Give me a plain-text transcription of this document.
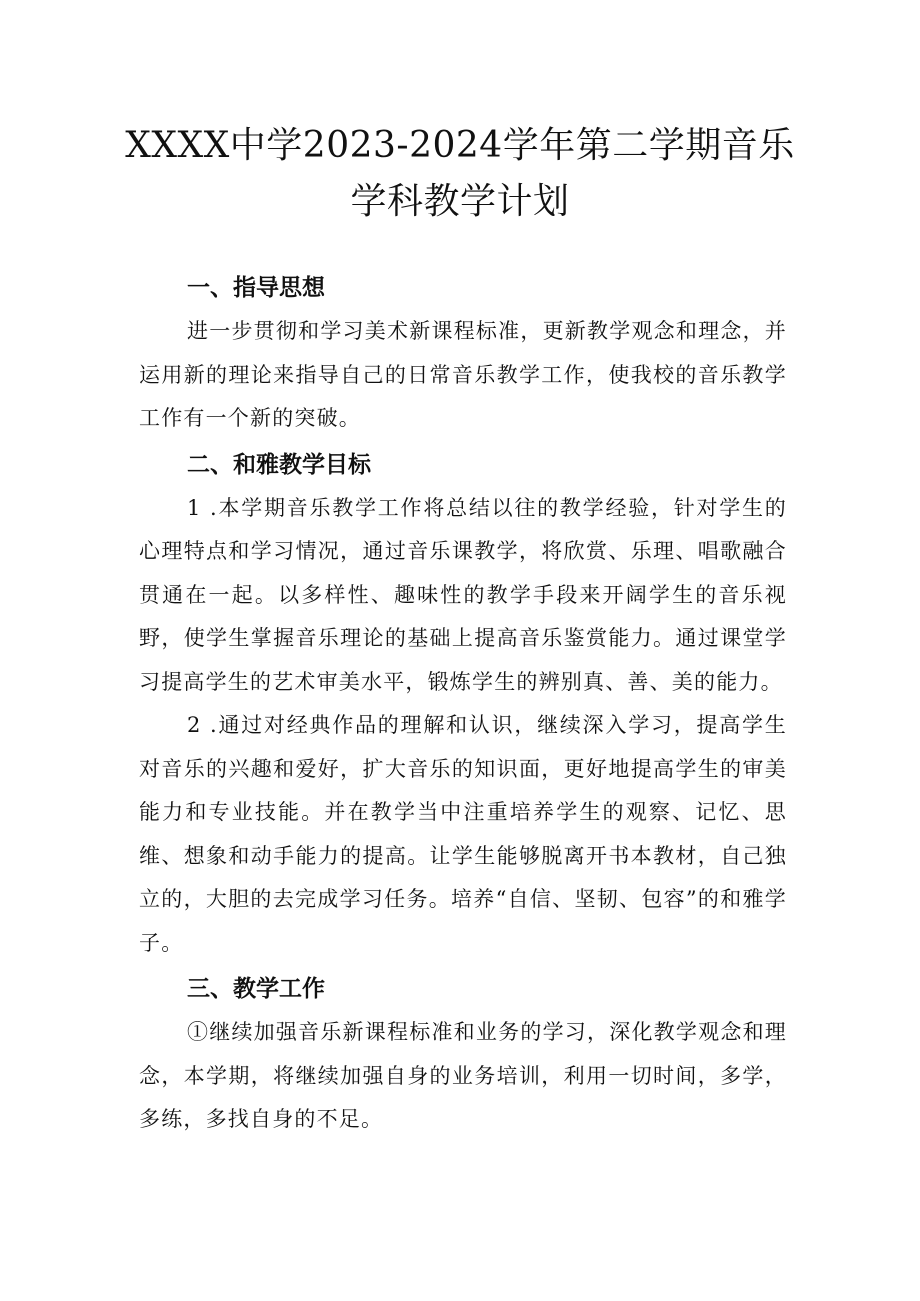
XXXX中学2023-2024学年第二学期音乐学科教学计划
一、指导思想

进一步贯彻和学习美术新课程标准，更新教学观念和理念，并运用新的理论来指导自己的日常音乐教学工作，使我校的音乐教学工作有一个新的突破。

二、和雅教学目标

1 .本学期音乐教学工作将总结以往的教学经验，针对学生的心理特点和学习情况，通过音乐课教学，将欣赏、乐理、唱歌融合贯通在一起。以多样性、趣味性的教学手段来开阔学生的音乐视野，使学生掌握音乐理论的基础上提高音乐鉴赏能力。通过课堂学习提高学生的艺术审美水平，锻炼学生的辨别真、善、美的能力。

2 .通过对经典作品的理解和认识，继续深入学习，提高学生对音乐的兴趣和爱好，扩大音乐的知识面，更好地提高学生的审美能力和专业技能。并在教学当中注重培养学生的观察、记忆、思维、想象和动手能力的提高。让学生能够脱离开书本教材，自己独立的，大胆的去完成学习任务。培养“自信、坚韧、包容”的和雅学子。

三、教学工作

①继续加强音乐新课程标准和业务的学习，深化教学观念和理念，本学期，将继续加强自身的业务培训，利用一切时间，多学，多练，多找自身的不足。
